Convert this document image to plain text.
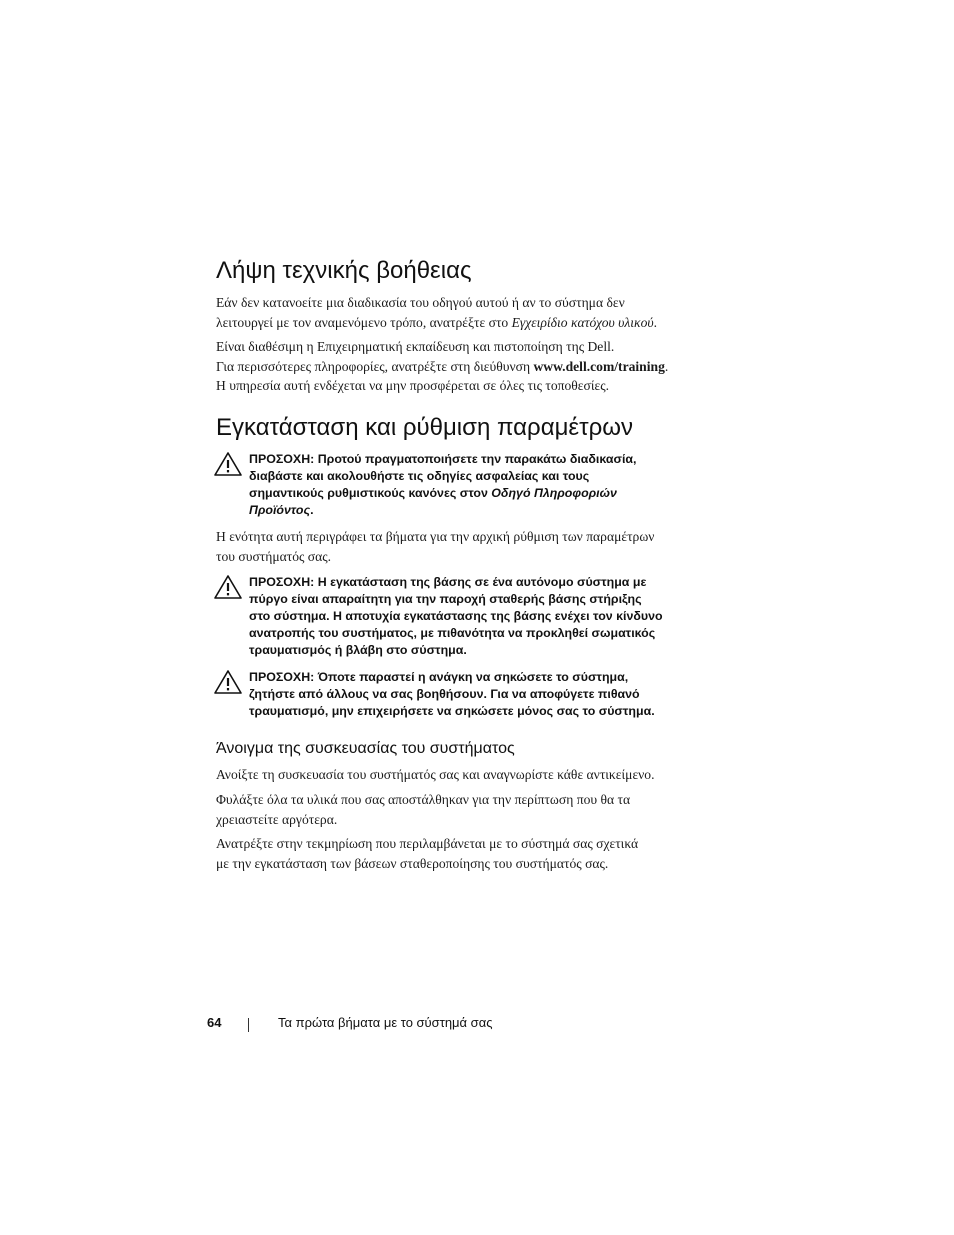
Λήψη τεχνικής βοήθειας

Εάν δεν κατανοείτε μια διαδικασία του οδηγού αυτού ή αν το σύστημα δεν
λειτουργεί με τον αναμενόμενο τρόπο, ανατρέξτε στο Εγχειρίδιο κατόχου υλικού.

Είναι διαθέσιμη η Επιχειρηματική εκπαίδευση και πιστοποίηση της Dell.
Για περισσότερες πληροφορίες, ανατρέξτε στη διεύθυνση www.dell.com/training.
Η υπηρεσία αυτή ενδέχεται να μην προσφέρεται σε όλες τις τοποθεσίες.

Εγκατάσταση και ρύθμιση παραμέτρων

ΠΡΟΣΟΧΗ: Προτού πραγματοποιήσετε την παρακάτω διαδικασία,
διαβάστε και ακολουθήστε τις οδηγίες ασφαλείας και τους
σημαντικούς ρυθμιστικούς κανόνες στον Οδηγό Πληροφοριών
Προϊόντος.

Η ενότητα αυτή περιγράφει τα βήματα για την αρχική ρύθμιση των παραμέτρων
του συστήματός σας.

ΠΡΟΣΟΧΗ: Η εγκατάσταση της βάσης σε ένα αυτόνομο σύστημα με
πύργο είναι απαραίτητη για την παροχή σταθερής βάσης στήριξης
στο σύστημα. Η αποτυχία εγκατάστασης της βάσης ενέχει τον κίνδυνο
ανατροπής του συστήματος, με πιθανότητα να προκληθεί σωματικός
τραυματισμός ή βλάβη στο σύστημα.

ΠΡΟΣΟΧΗ: Όποτε παραστεί η ανάγκη να σηκώσετε το σύστημα,
ζητήστε από άλλους να σας βοηθήσουν. Για να αποφύγετε πιθανό
τραυματισμό, μην επιχειρήσετε να σηκώσετε μόνος σας το σύστημα.

Άνοιγμα της συσκευασίας του συστήματος

Ανοίξτε τη συσκευασία του συστήματός σας και αναγνωρίστε κάθε αντικείμενο.

Φυλάξτε όλα τα υλικά που σας αποστάλθηκαν για την περίπτωση που θα τα
χρειαστείτε αργότερα.

Ανατρέξτε στην τεκμηρίωση που περιλαμβάνεται με το σύστημά σας σχετικά
με την εγκατάσταση των βάσεων σταθεροποίησης του συστήματός σας.

64	Τα πρώτα βήματα με το σύστημά σας
